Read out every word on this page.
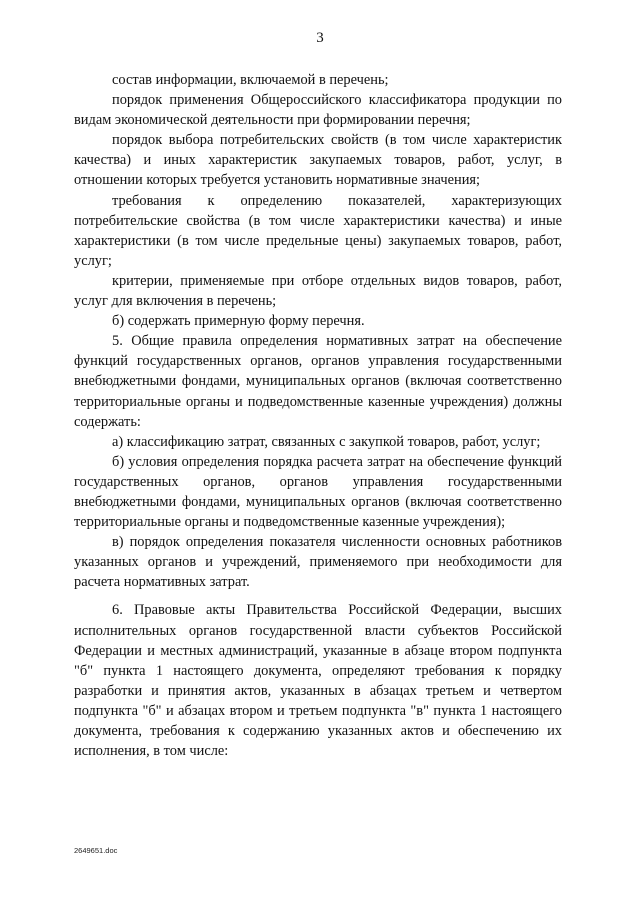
3

состав информации, включаемой в перечень;

порядок применения Общероссийского классификатора продукции по видам экономической деятельности при формировании перечня;

порядок выбора потребительских свойств (в том числе характеристик качества) и иных характеристик закупаемых товаров, работ, услуг, в отношении которых требуется установить нормативные значения;

требования к определению показателей, характеризующих потребительские свойства (в том числе характеристики качества) и иные характеристики (в том числе предельные цены) закупаемых товаров, работ, услуг;

критерии, применяемые при отборе отдельных видов товаров, работ, услуг для включения в перечень;

б) содержать примерную форму перечня.

5. Общие правила определения нормативных затрат на обеспечение функций государственных органов, органов управления государственными внебюджетными фондами, муниципальных органов (включая соответственно территориальные органы и подведомственные казенные учреждения) должны содержать:

а) классификацию затрат, связанных с закупкой товаров, работ, услуг;

б) условия определения порядка расчета затрат на обеспечение функций государственных органов, органов управления государственными внебюджетными фондами, муниципальных органов (включая соответственно территориальные органы и подведомственные казенные учреждения);

в) порядок определения показателя численности основных работников указанных органов и учреждений, применяемого при необходимости для расчета нормативных затрат.

6. Правовые акты Правительства Российской Федерации, высших исполнительных органов государственной власти субъектов Российской Федерации и местных администраций, указанные в абзаце втором подпункта "б" пункта 1 настоящего документа, определяют требования к порядку разработки и принятия актов, указанных в абзацах третьем и четвертом подпункта "б" и абзацах втором и третьем подпункта "в" пункта 1 настоящего документа, требования к содержанию указанных актов и обеспечению их исполнения, в том числе:

2649651.doc
